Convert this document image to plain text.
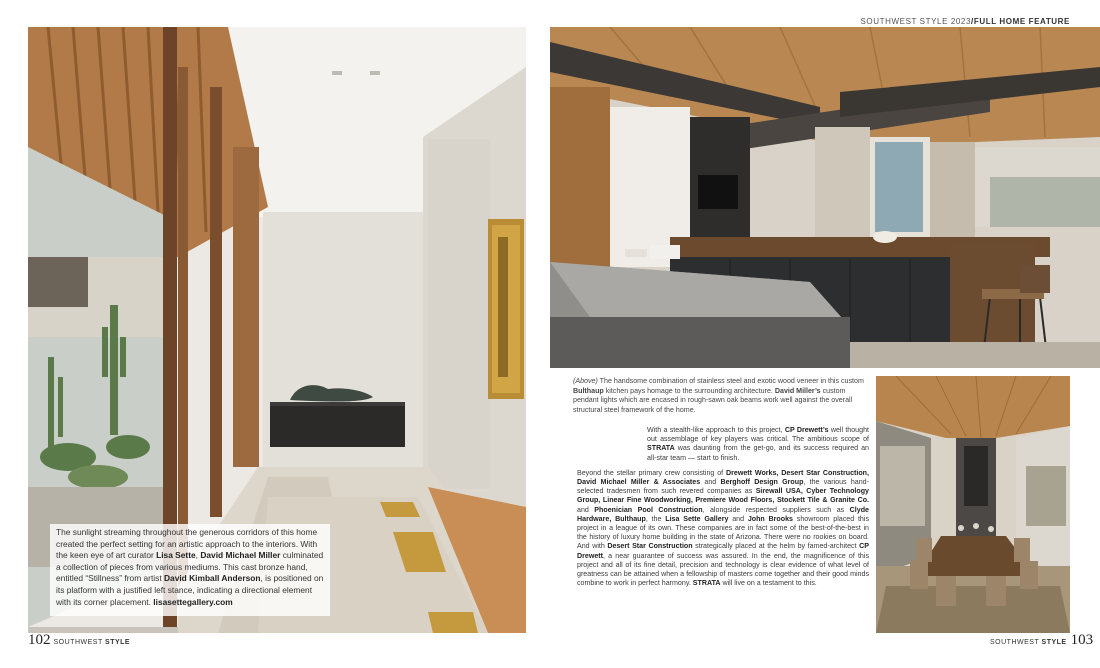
SOUTHWEST STYLE 2023/FULL HOME FEATURE
The sunlight streaming throughout the generous corridors of this home created the perfect setting for an artistic approach to the interiors. With the keen eye of art curator Lisa Sette, David Michael Miller culminated a collection of pieces from various mediums. This cast bronze hand, entitled “Stillness” from artist David Kimball Anderson, is positioned on its platform with a justified left stance, indicating a directional element with its corner placement. lisasettegallery.com
102 SOUTHWEST STYLE
(Above) The handsome combination of stainless steel and exotic wood veneer in this custom Bulthaup kitchen pays homage to the surrounding architecture. David Miller’s custom pendant lights which are encased in rough-sawn oak beams work well against the overall structural steel framework of the home.

With a stealth-like approach to this project, CP Drewett’s well thought out assemblage of key players was critical. The ambitious scope of STRATA was daunting from the get-go, and its success required an all-star team — start to finish.

Beyond the stellar primary crew consisting of Drewett Works, Desert Star Construction, David Michael Miller & Associates and Berghoff Design Group, the various hand-selected tradesmen from such revered companies as Sirewall USA, Cyber Technology Group, Linear Fine Woodworking, Premiere Wood Floors, Stockett Tile & Granite Co. and Phoenician Pool Construction, alongside respected suppliers such as Clyde Hardware, Bulthaup, the Lisa Sette Gallery and John Brooks showroom placed this project in a league of its own. These companies are in fact some of the best-of-the-best in the history of luxury home building in the state of Arizona. There were no rookies on board. And with Desert Star Construction strategically placed at the helm by famed-architect CP Drewett, a near guarantee of success was assured. In the end, the magnificence of this project and all of its fine detail, precision and technology is clear evidence of what level of greatness can be attained when a fellowship of masters come together and their good minds combine to work in perfect harmony. STRATA will live on a testament to this.

SOUTHWEST STYLE 103
